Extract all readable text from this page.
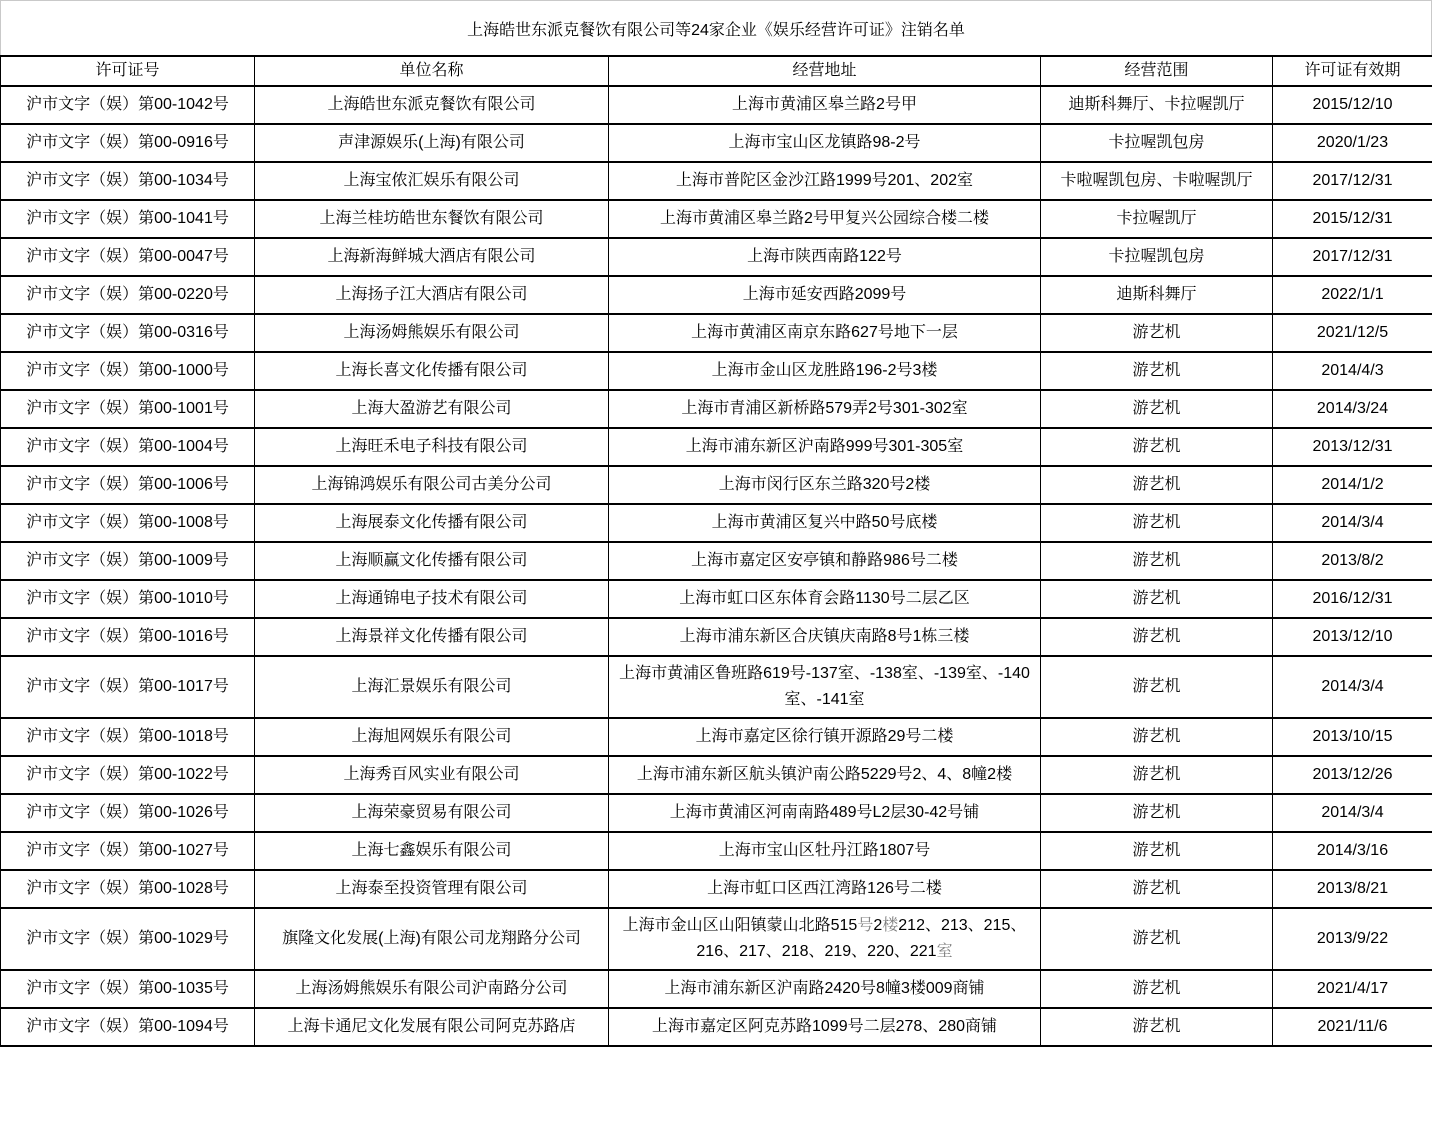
上海皓世东派克餐饮有限公司等24家企业《娱乐经营许可证》注销名单
许可证号	单位名称	经营地址	经营范围	许可证有效期
沪市文字（娱）第00-1042号	上海皓世东派克餐饮有限公司	上海市黄浦区皋兰路2号甲	迪斯科舞厅、卡拉喔凯厅	2015/12/10
沪市文字（娱）第00-0916号	声津源娱乐(上海)有限公司	上海市宝山区龙镇路98-2号	卡拉喔凯包房	2020/1/23
沪市文字（娱）第00-1034号	上海宝侬汇娱乐有限公司	上海市普陀区金沙江路1999号201、202室	卡啦喔凯包房、卡啦喔凯厅	2017/12/31
沪市文字（娱）第00-1041号	上海兰桂坊皓世东餐饮有限公司	上海市黄浦区皋兰路2号甲复兴公园综合楼二楼	卡拉喔凯厅	2015/12/31
沪市文字（娱）第00-0047号	上海新海鲜城大酒店有限公司	上海市陕西南路122号	卡拉喔凯包房	2017/12/31
沪市文字（娱）第00-0220号	上海扬子江大酒店有限公司	上海市延安西路2099号	迪斯科舞厅	2022/1/1
沪市文字（娱）第00-0316号	上海汤姆熊娱乐有限公司	上海市黄浦区南京东路627号地下一层	游艺机	2021/12/5
沪市文字（娱）第00-1000号	上海长喜文化传播有限公司	上海市金山区龙胜路196-2号3楼	游艺机	2014/4/3
沪市文字（娱）第00-1001号	上海大盈游艺有限公司	上海市青浦区新桥路579弄2号301-302室	游艺机	2014/3/24
沪市文字（娱）第00-1004号	上海旺禾电子科技有限公司	上海市浦东新区沪南路999号301-305室	游艺机	2013/12/31
沪市文字（娱）第00-1006号	上海锦鸿娱乐有限公司古美分公司	上海市闵行区东兰路320号2楼	游艺机	2014/1/2
沪市文字（娱）第00-1008号	上海展泰文化传播有限公司	上海市黄浦区复兴中路50号底楼	游艺机	2014/3/4
沪市文字（娱）第00-1009号	上海顺赢文化传播有限公司	上海市嘉定区安亭镇和静路986号二楼	游艺机	2013/8/2
沪市文字（娱）第00-1010号	上海通锦电子技术有限公司	上海市虹口区东体育会路1130号二层乙区	游艺机	2016/12/31
沪市文字（娱）第00-1016号	上海景祥文化传播有限公司	上海市浦东新区合庆镇庆南路8号1栋三楼	游艺机	2013/12/10
沪市文字（娱）第00-1017号	上海汇景娱乐有限公司	上海市黄浦区鲁班路619号-137室、-138室、-139室、-140室、-141室	游艺机	2014/3/4
沪市文字（娱）第00-1018号	上海旭网娱乐有限公司	上海市嘉定区徐行镇开源路29号二楼	游艺机	2013/10/15
沪市文字（娱）第00-1022号	上海秀百风实业有限公司	上海市浦东新区航头镇沪南公路5229号2、4、8幢2楼	游艺机	2013/12/26
沪市文字（娱）第00-1026号	上海荣豪贸易有限公司	上海市黄浦区河南南路489号L2层30-42号铺	游艺机	2014/3/4
沪市文字（娱）第00-1027号	上海七鑫娱乐有限公司	上海市宝山区牡丹江路1807号	游艺机	2014/3/16
沪市文字（娱）第00-1028号	上海泰至投资管理有限公司	上海市虹口区西江湾路126号二楼	游艺机	2013/8/21
沪市文字（娱）第00-1029号	旗隆文化发展(上海)有限公司龙翔路分公司	上海市金山区山阳镇蒙山北路515号2楼212、213、215、216、217、218、219、220、221室	游艺机	2013/9/22
沪市文字（娱）第00-1035号	上海汤姆熊娱乐有限公司沪南路分公司	上海市浦东新区沪南路2420号8幢3楼009商铺	游艺机	2021/4/17
沪市文字（娱）第00-1094号	上海卡通尼文化发展有限公司阿克苏路店	上海市嘉定区阿克苏路1099号二层278、280商铺	游艺机	2021/11/6
